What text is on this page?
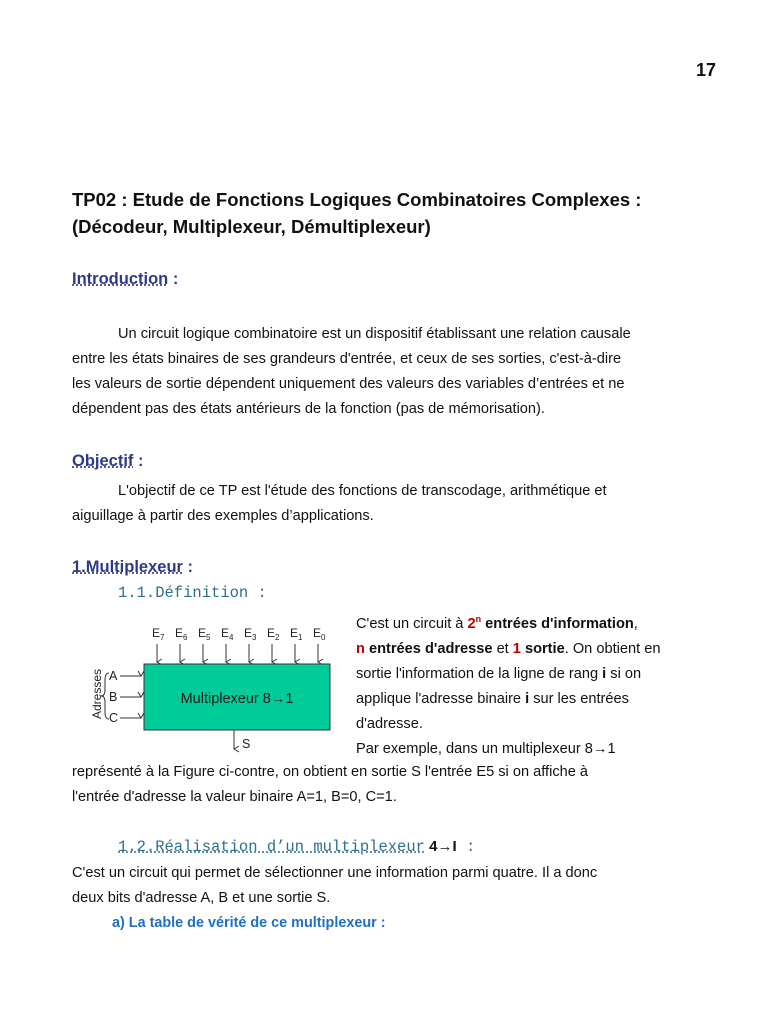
17
TP02 : Etude de Fonctions Logiques Combinatoires Complexes :
(Décodeur, Multiplexeur, Démultiplexeur)
Introduction :
Un circuit logique combinatoire est un dispositif établissant une relation causale
entre les états binaires de ses grandeurs d'entrée, et ceux de ses sorties, c'est-à-dire
les valeurs de sortie dépendent uniquement des valeurs des variables d’entrées et ne
dépendent pas des états antérieurs de la fonction (pas de mémorisation).
Objectif :
L'objectif de ce TP est l'étude des fonctions de transcodage, arithmétique et
aiguillage à partir des exemples d’applications.
1.Multiplexeur :
1.1.Définition :
$E_7$ $E_6$ $E_5$ $E_4$ $E_3$ $E_2$ $E_1$ $E_0$
Multiplexeur 8→1
Adresses A
B
C
S
C'est un circuit à 2$^n$ entrées d'information,
n entrées d'adresse et 1 sortie. On obtient en
sortie l'information de la ligne de rang i si on
applique l'adresse binaire i sur les entrées
d'adresse.
Par exemple, dans un multiplexeur 8→1
représenté à la Figure ci-contre, on obtient en sortie S l'entrée E5 si on affiche à
l'entrée d'adresse la valeur binaire A=1, B=0, C=1.
1.2.Réalisation d’un multiplexeur 4→I :
C'est un circuit qui permet de sélectionner une information parmi quatre. Il a donc
deux bits d'adresse A, B et une sortie S.
a) La table de vérité de ce multiplexeur :
